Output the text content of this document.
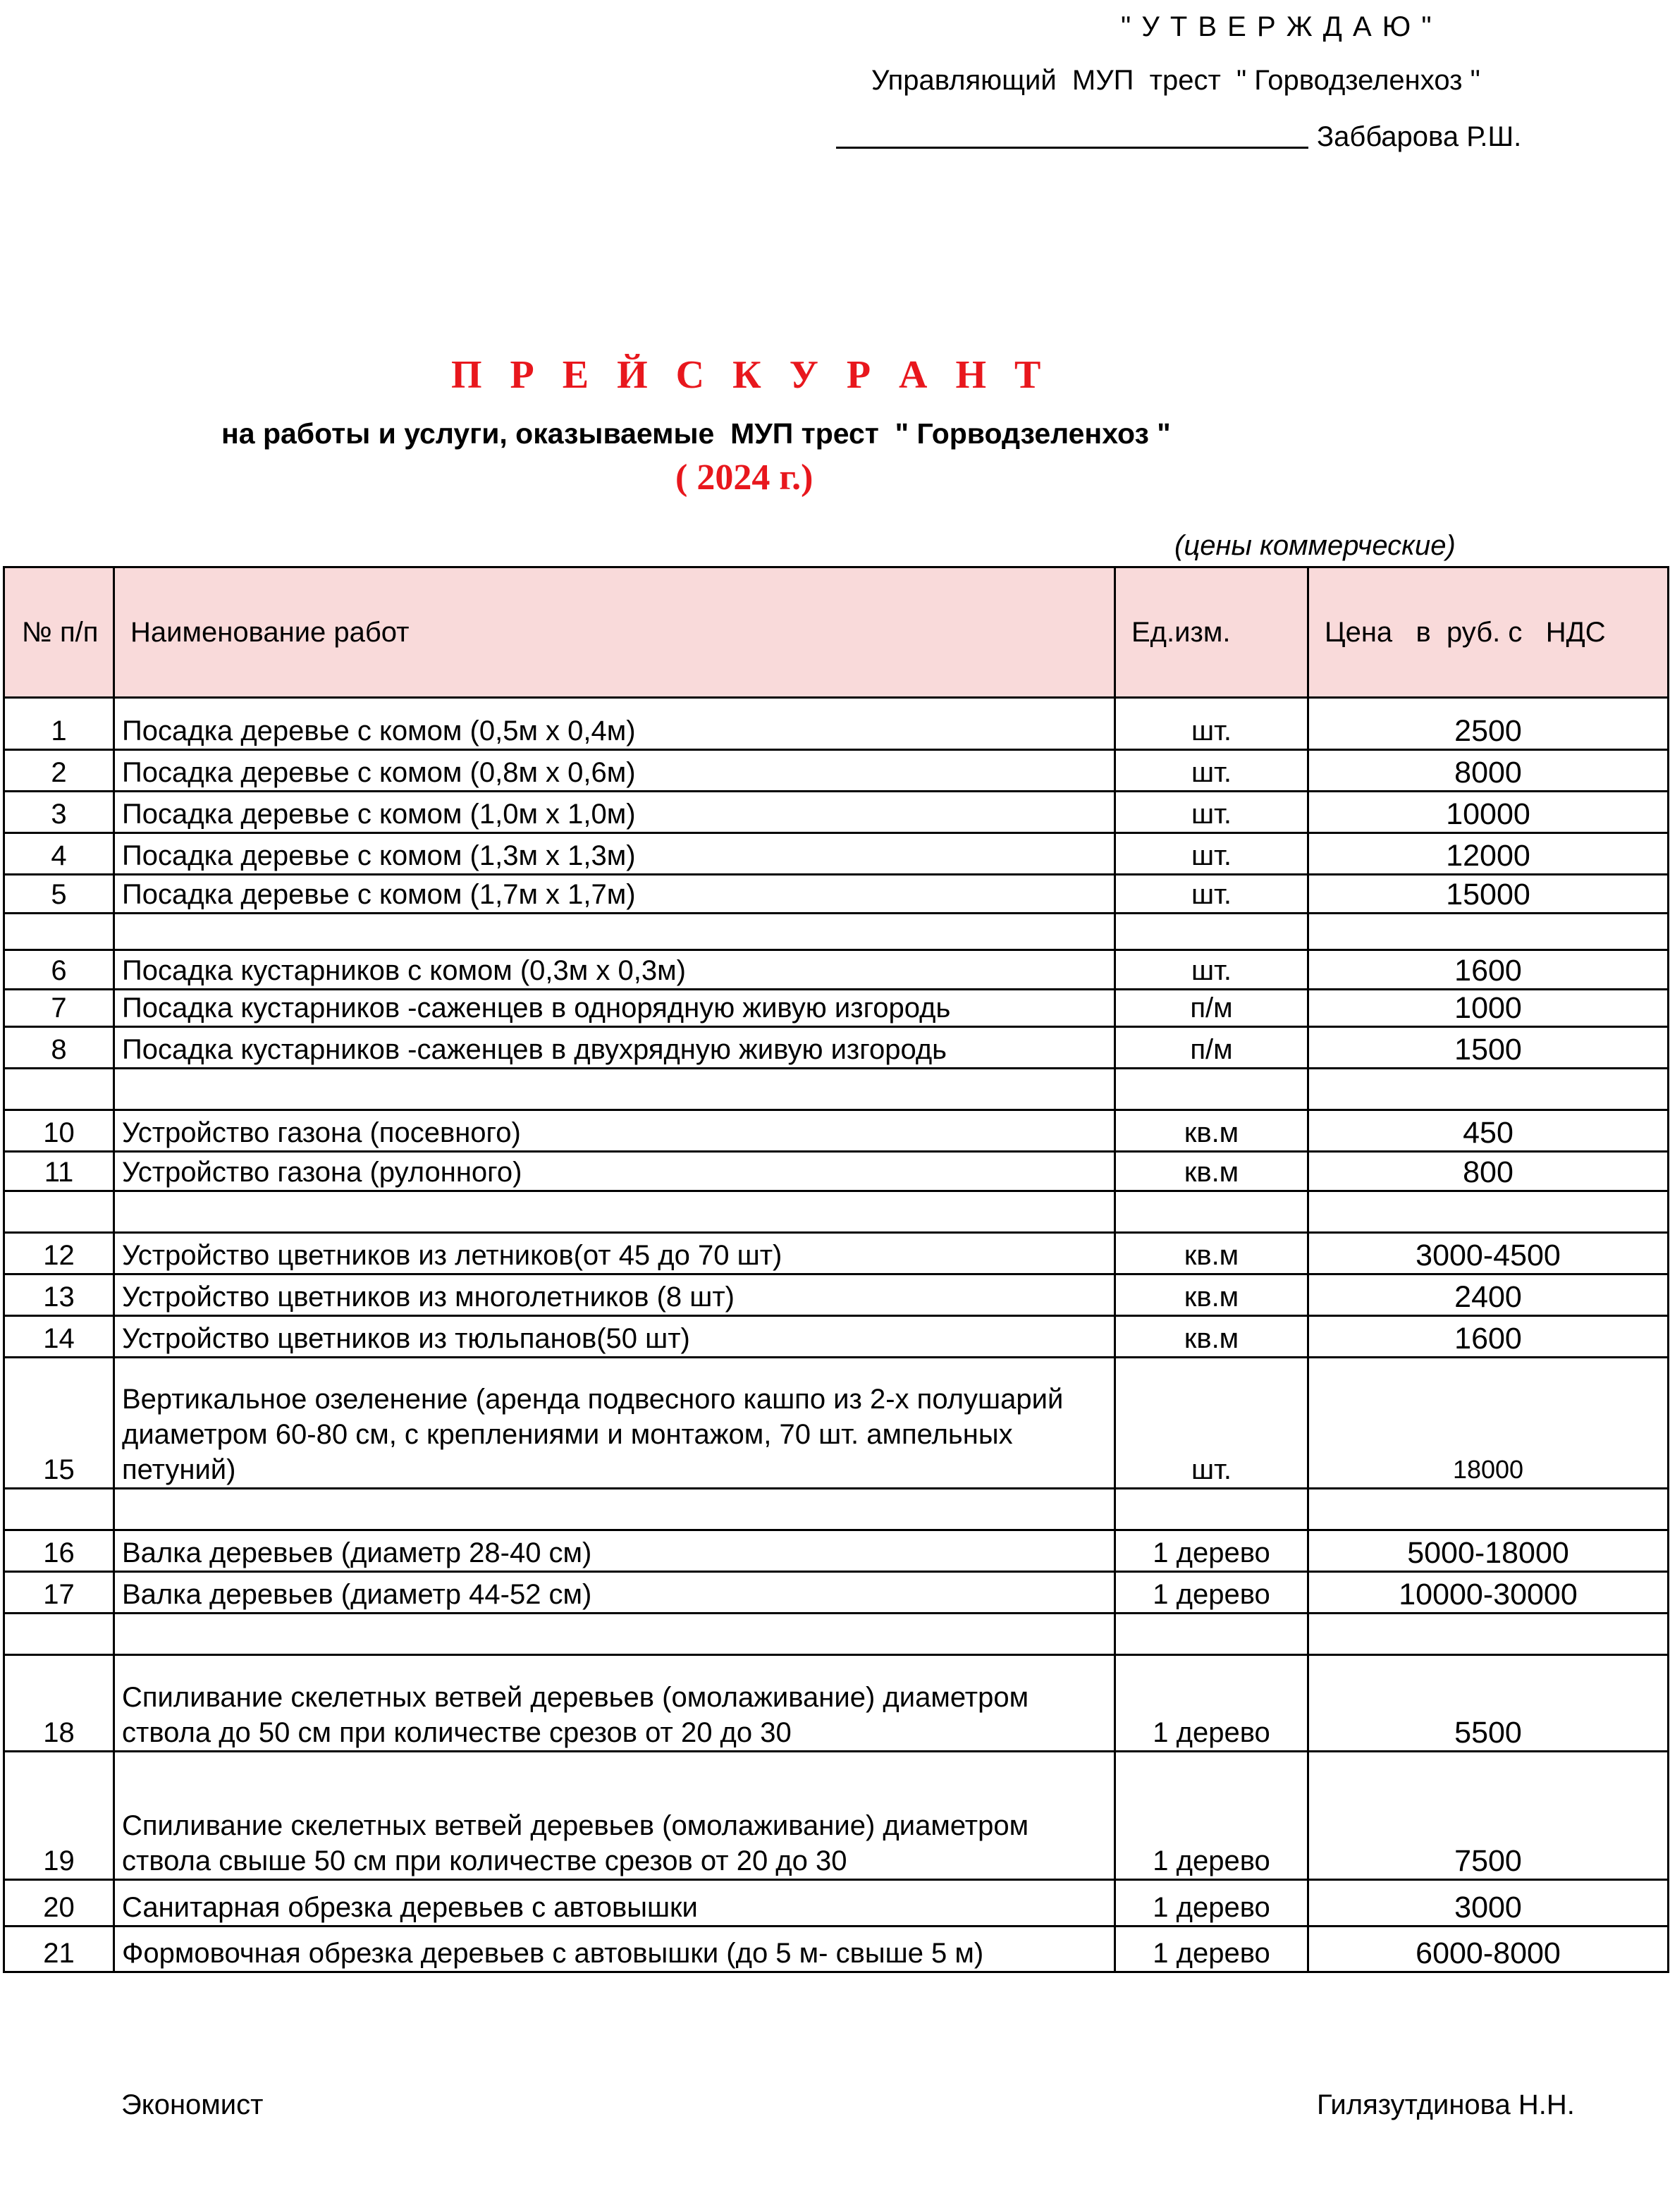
" У Т В Е Р Ж Д А Ю "
Управляющий  МУП  трест  " Горводзеленхоз "
Заббарова Р.Ш.
П Р Е Й С К У Р А Н Т
на работы и услуги, оказываемые  МУП трест  " Горводзеленхоз "
( 2024 г.)
(цены коммерческие)
№ п/п	Наименование работ	Ед.изм.	Цена   в  руб. с   НДС
1	Посадка деревье с комом (0,5м х 0,4м)	шт.	2500
2	Посадка деревье с комом (0,8м х 0,6м)	шт.	8000
3	Посадка деревье с комом (1,0м х 1,0м)	шт.	10000
4	Посадка деревье с комом (1,3м х 1,3м)	шт.	12000
5	Посадка деревье с комом (1,7м х 1,7м)	шт.	15000

6	Посадка кустарников с комом (0,3м х 0,3м)	шт.	1600
7	Посадка кустарников -саженцев в однорядную живую изгородь	п/м	1000
8	Посадка кустарников -саженцев в двухрядную живую изгородь	п/м	1500

10	Устройство газона (посевного)	кв.м	450
11	Устройство газона (рулонного)	кв.м	800

12	Устройство цветников из летников(от 45 до 70 шт)	кв.м	3000-4500
13	Устройство цветников из многолетников (8 шт)	кв.м	2400
14	Устройство цветников из тюльпанов(50 шт)	кв.м	1600
15	Вертикальное озеленение (аренда подвесного кашпо из 2-х полушарий диаметром 60-80 см, с креплениями и монтажом, 70 шт. ампельных петуний)	шт.	18000

16	Валка деревьев (диаметр 28-40 см)	1 дерево	5000-18000
17	Валка деревьев (диаметр 44-52 см)	1 дерево	10000-30000

18	Спиливание скелетных ветвей деревьев (омолаживание) диаметром ствола до 50 см при количестве срезов от 20 до 30	1 дерево	5500
19	Спиливание скелетных ветвей деревьев (омолаживание) диаметром ствола свыше 50 см при количестве срезов от 20 до 30	1 дерево	7500
20	Санитарная обрезка деревьев с автовышки	1 дерево	3000
21	Формовочная обрезка деревьев с автовышки (до 5 м- свыше 5 м)	1 дерево	6000-8000
Экономист	Гилязутдинова Н.Н.
